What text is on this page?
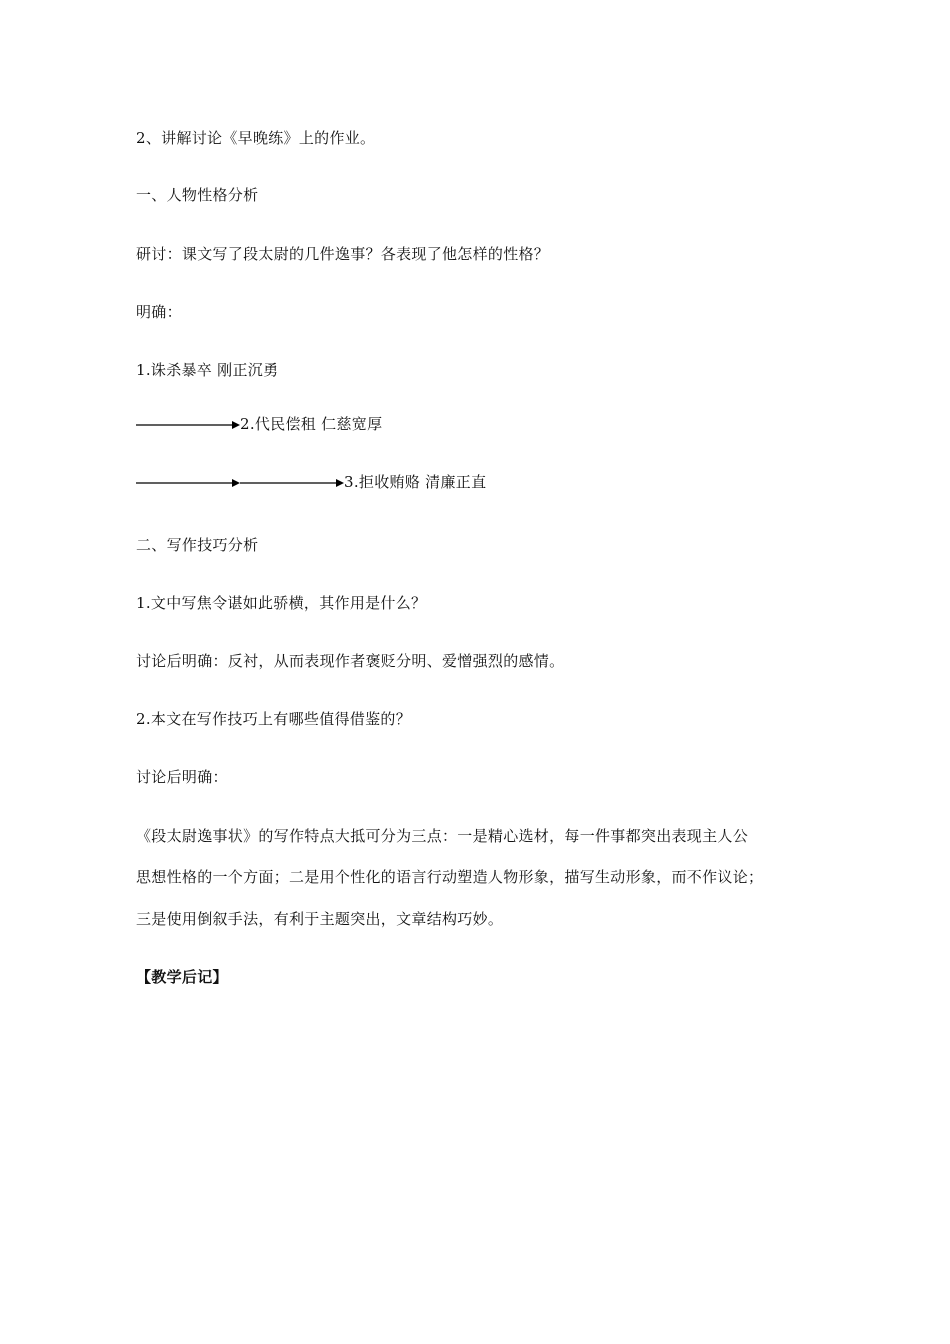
2、讲解讨论《早晚练》上的作业。
一、人物性格分析
研讨：课文写了段太尉的几件逸事？各表现了他怎样的性格？
明确：
1.诛杀暴卒 刚正沉勇
2.代民偿租 仁慈宽厚
3.拒收贿赂 清廉正直
二、写作技巧分析
1.文中写焦令谌如此骄横，其作用是什么？
讨论后明确：反衬，从而表现作者褒贬分明、爱憎强烈的感情。
2.本文在写作技巧上有哪些值得借鉴的？
讨论后明确：
《段太尉逸事状》的写作特点大抵可分为三点：一是精心选材，每一件事都突出表现主人公
思想性格的一个方面；二是用个性化的语言行动塑造人物形象，描写生动形象，而不作议论；
三是使用倒叙手法，有利于主题突出，文章结构巧妙。
【教学后记】
